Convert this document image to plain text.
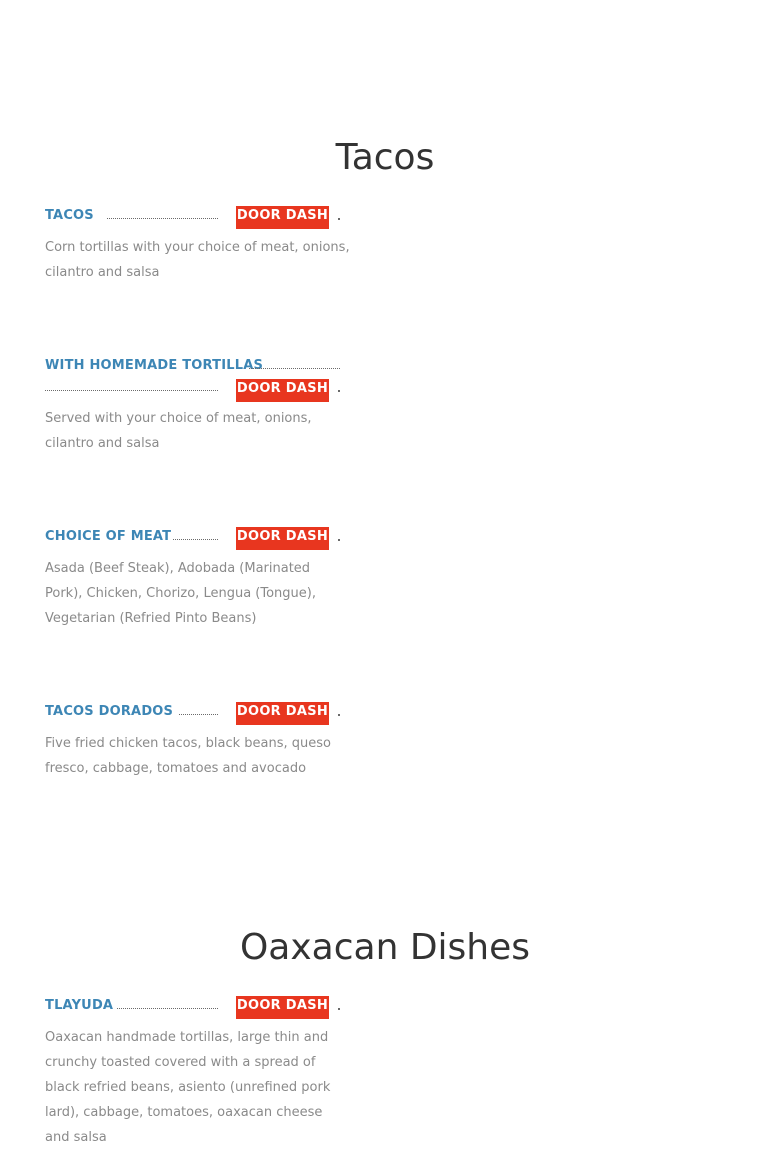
Tacos
TACOS	DOOR DASH

Corn tortillas with your choice of meat, onions, cilantro and salsa

WITH HOMEMADE TORTILLAS
DOOR DASH

Served with your choice of meat, onions, cilantro and salsa

CHOICE OF MEAT	DOOR DASH

Asada (Beef Steak), Adobada (Marinated Pork), Chicken, Chorizo, Lengua (Tongue), Vegetarian (Refried Pinto Beans)

TACOS DORADOS	DOOR DASH

Five fried chicken tacos, black beans, queso fresco, cabbage, tomatoes and avocado

Oaxacan Dishes
TLAYUDA	DOOR DASH

Oaxacan handmade tortillas, large thin and crunchy toasted covered with a spread of black refried beans, asiento (unrefined pork lard), cabbage, tomatoes, oaxacan cheese and salsa
